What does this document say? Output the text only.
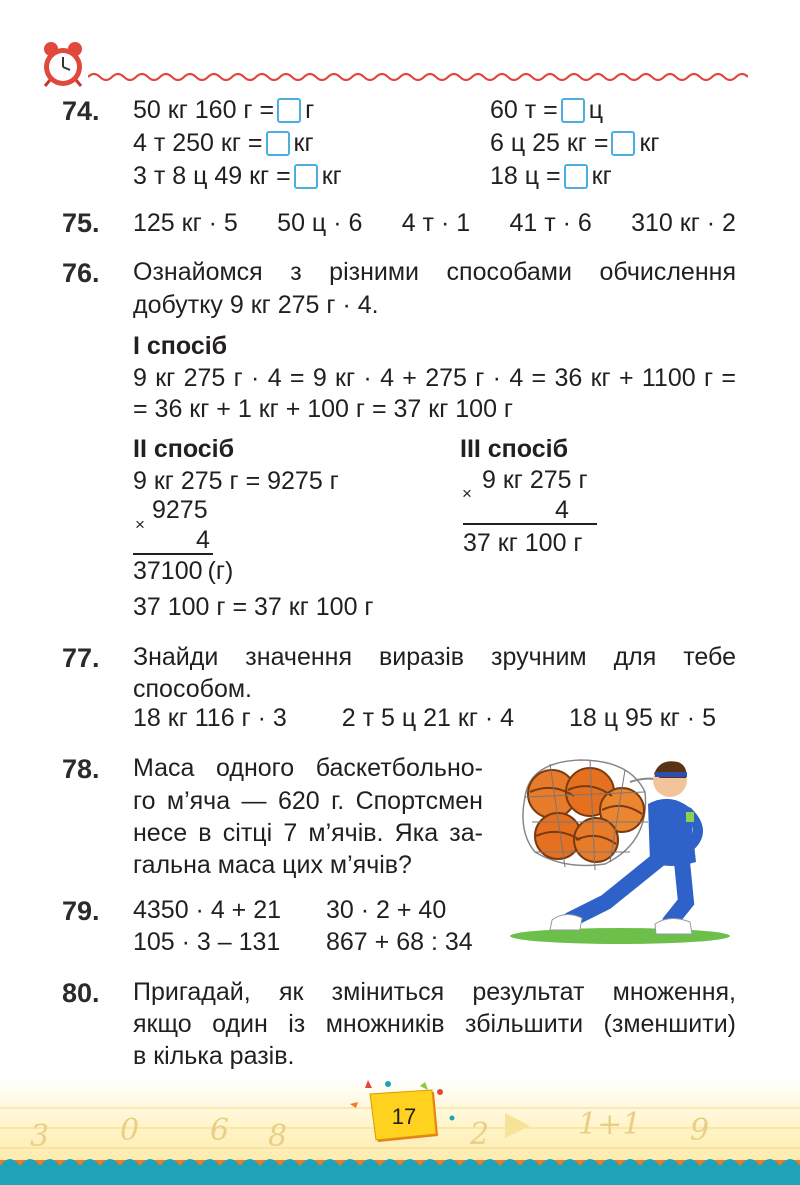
74. 50 кг 160 г = г
4 т 250 кг = кг
3 т 8 ц 49 кг = кг
60 т = ц
6 ц 25 кг = кг
18 ц = кг
75. 125 кг · 5 50 ц · 6 4 т · 1 41 т · 6 310 кг · 2
76. Ознайомся з різними способами обчислення
добутку 9 кг 275 г · 4.
І спосіб
9 кг 275 г · 4 = 9 кг · 4 + 275 г · 4 = 36 кг + 1100 г =
= 36 кг + 1 кг + 100 г = 37 кг 100 г
ІІ спосіб
9 кг 275 г = 9275 г
×
9275
4
37100 (г)
37 100 г = 37 кг 100 г
ІІІ спосіб
× 9 кг 275 г
4
37 кг 100 г
77. Знайди значення виразів зручним для тебе
способом.
18 кг 116 г · 3 2 т 5 ц 21 кг · 4 18 ц 95 кг · 5
78. Маса одного баскетбольно-
го м’яча — 620 г. Спортсмен
несе в сітці 7 м’ячів. Яка за-
гальна маса цих м’ячів?
79. 4350 · 4 + 21
105 · 3 – 131
30 · 2 + 40
867 + 68 : 34
80. Пригадай, як зміниться результат множення,
якщо один із множників збільшити (зменшити)
в кілька разів.
3 0 6 8	2	1+1 9
17
